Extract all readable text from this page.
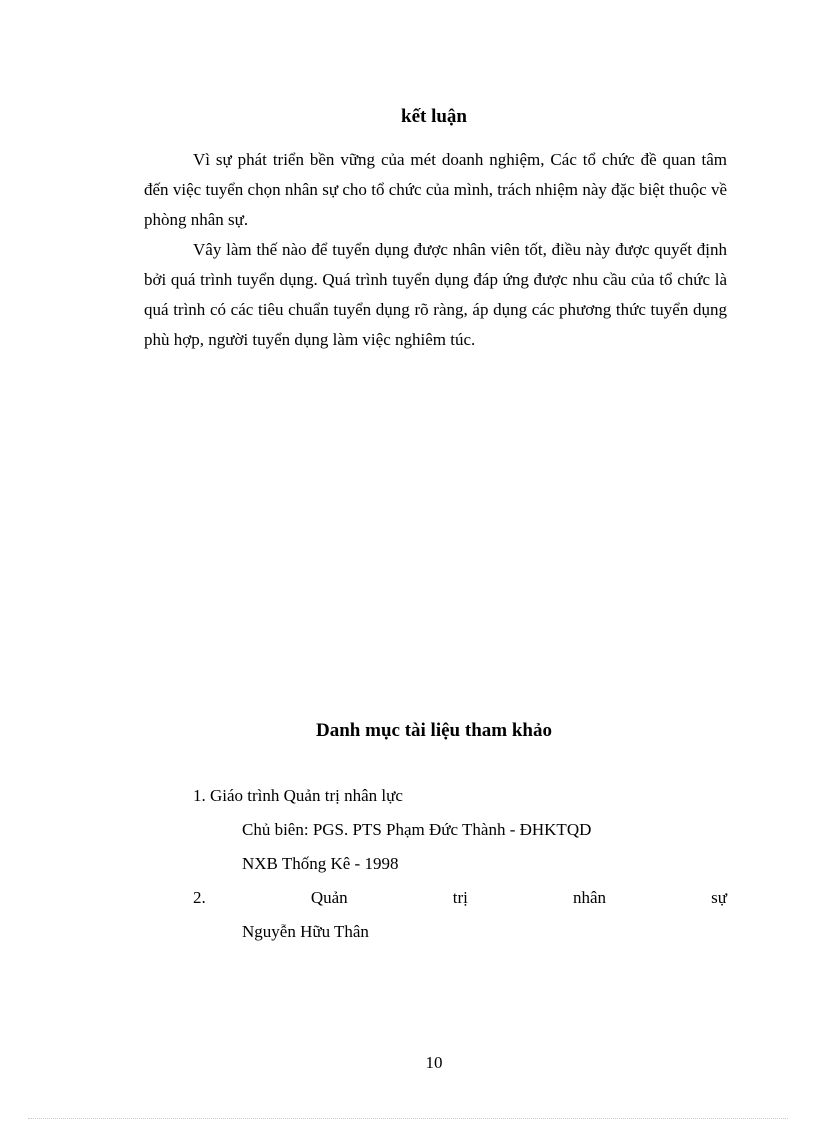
kết luận

Vì sự phát triển bền vững của mét doanh nghiệm, Các tổ chức đề quan tâm đến việc tuyển chọn nhân sự cho tổ chức của mình, trách nhiệm này đặc biệt thuộc về phòng nhân sự.

Vây làm thế nào để tuyển dụng được nhân viên tốt, điều này được quyết định bởi quá trình tuyển dụng. Quá trình tuyển dụng đáp ứng được nhu cầu của tổ chức là quá trình có các tiêu chuẩn tuyển dụng rõ ràng, áp dụng các phương thức tuyển dụng phù hợp, người tuyển dụng làm việc nghiêm túc.

Danh mục tài liệu tham khảo
1. Giáo trình Quản trị nhân lực
Chủ biên: PGS. PTS Phạm Đức Thành - ĐHKTQD
NXB Thống Kê - 1998
2.	Quản	trị	nhân	sự
Nguyễn Hữu Thân
10
